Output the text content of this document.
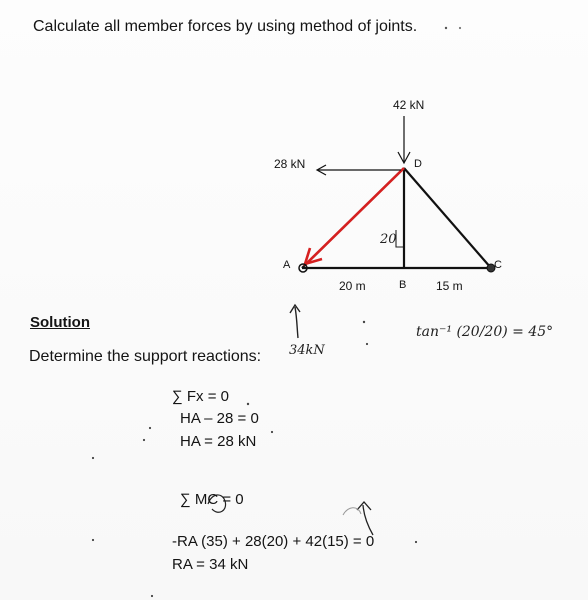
Calculate all member forces by using method of joints.
42 kN
28 kN	D
A	C
B
20 m	15 m
20
34kN
tan⁻¹ (20/20) = 45°
Solution
Determine the support reactions:
∑ Fx = 0
HA – 28 = 0
HA = 28 kN
∑ MC = 0
-RA (35) + 28(20) + 42(15) = 0
RA = 34 kN
